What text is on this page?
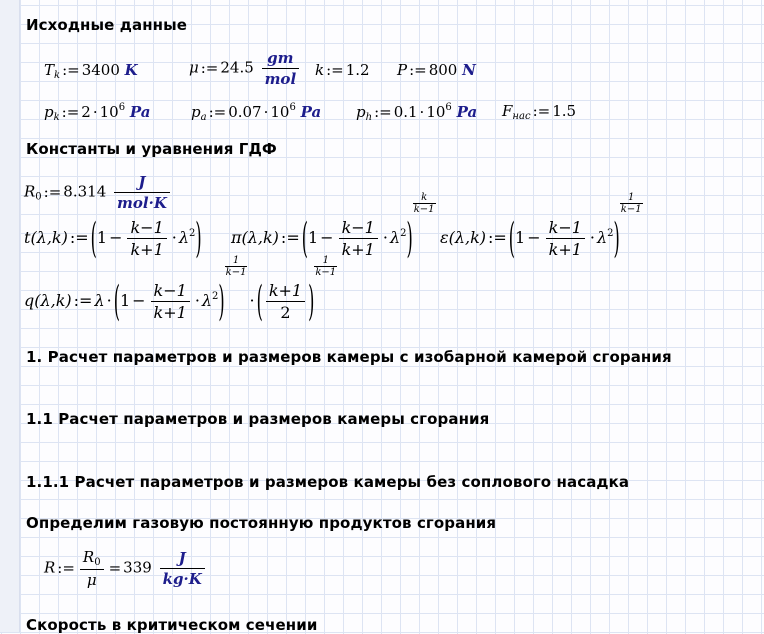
Исходные данные
Константы и уравнения ГДФ
1. Расчет параметров и размеров камеры с изобарной камерой сгорания
1.1 Расчет параметров и размеров камеры сгорания
1.1.1 Расчет параметров и размеров камеры без соплового насадка
Определим газовую постоянную продуктов сгорания
Скорость в критическом сечении
$T_k$ := 3400 K	μ := $24.5 \frac{gm}{\text{mol}}$ k := 1.2 P := 800 N
$p_k$ := $2 \cdot 10^6$ Pa	$p_a$ := $0.07 \cdot 10^6$ Pa $p_h$ := $0.1 \cdot 10^6$ Pa $F_{нас}$ := 1.5
$R_0$ := $8.314 \frac{J}{\text{mol·K}}$
t(λ,k) := $(1 - \frac{k-1}{k+1} \cdot \lambda^2)$ π(λ,k) := $(1 - \frac{k-1}{k+1} \cdot \lambda^2)$
$\frac{k}{k-1}$
ε(λ,k) := $(1 - \frac{k-1}{k+1} \cdot \lambda^2)$
$\frac{1}{k-1}$
q(λ,k) := $\lambda \cdot (1 - \frac{k-1}{k+1} \cdot \lambda^2)$
$\frac{1}{k-1}$
· ( $\frac{k+1}{2}$ )
$\frac{1}{k-1}$
R := $\frac{R_0}{\mu} = 339 \frac{J}{kg\cdot K}$
